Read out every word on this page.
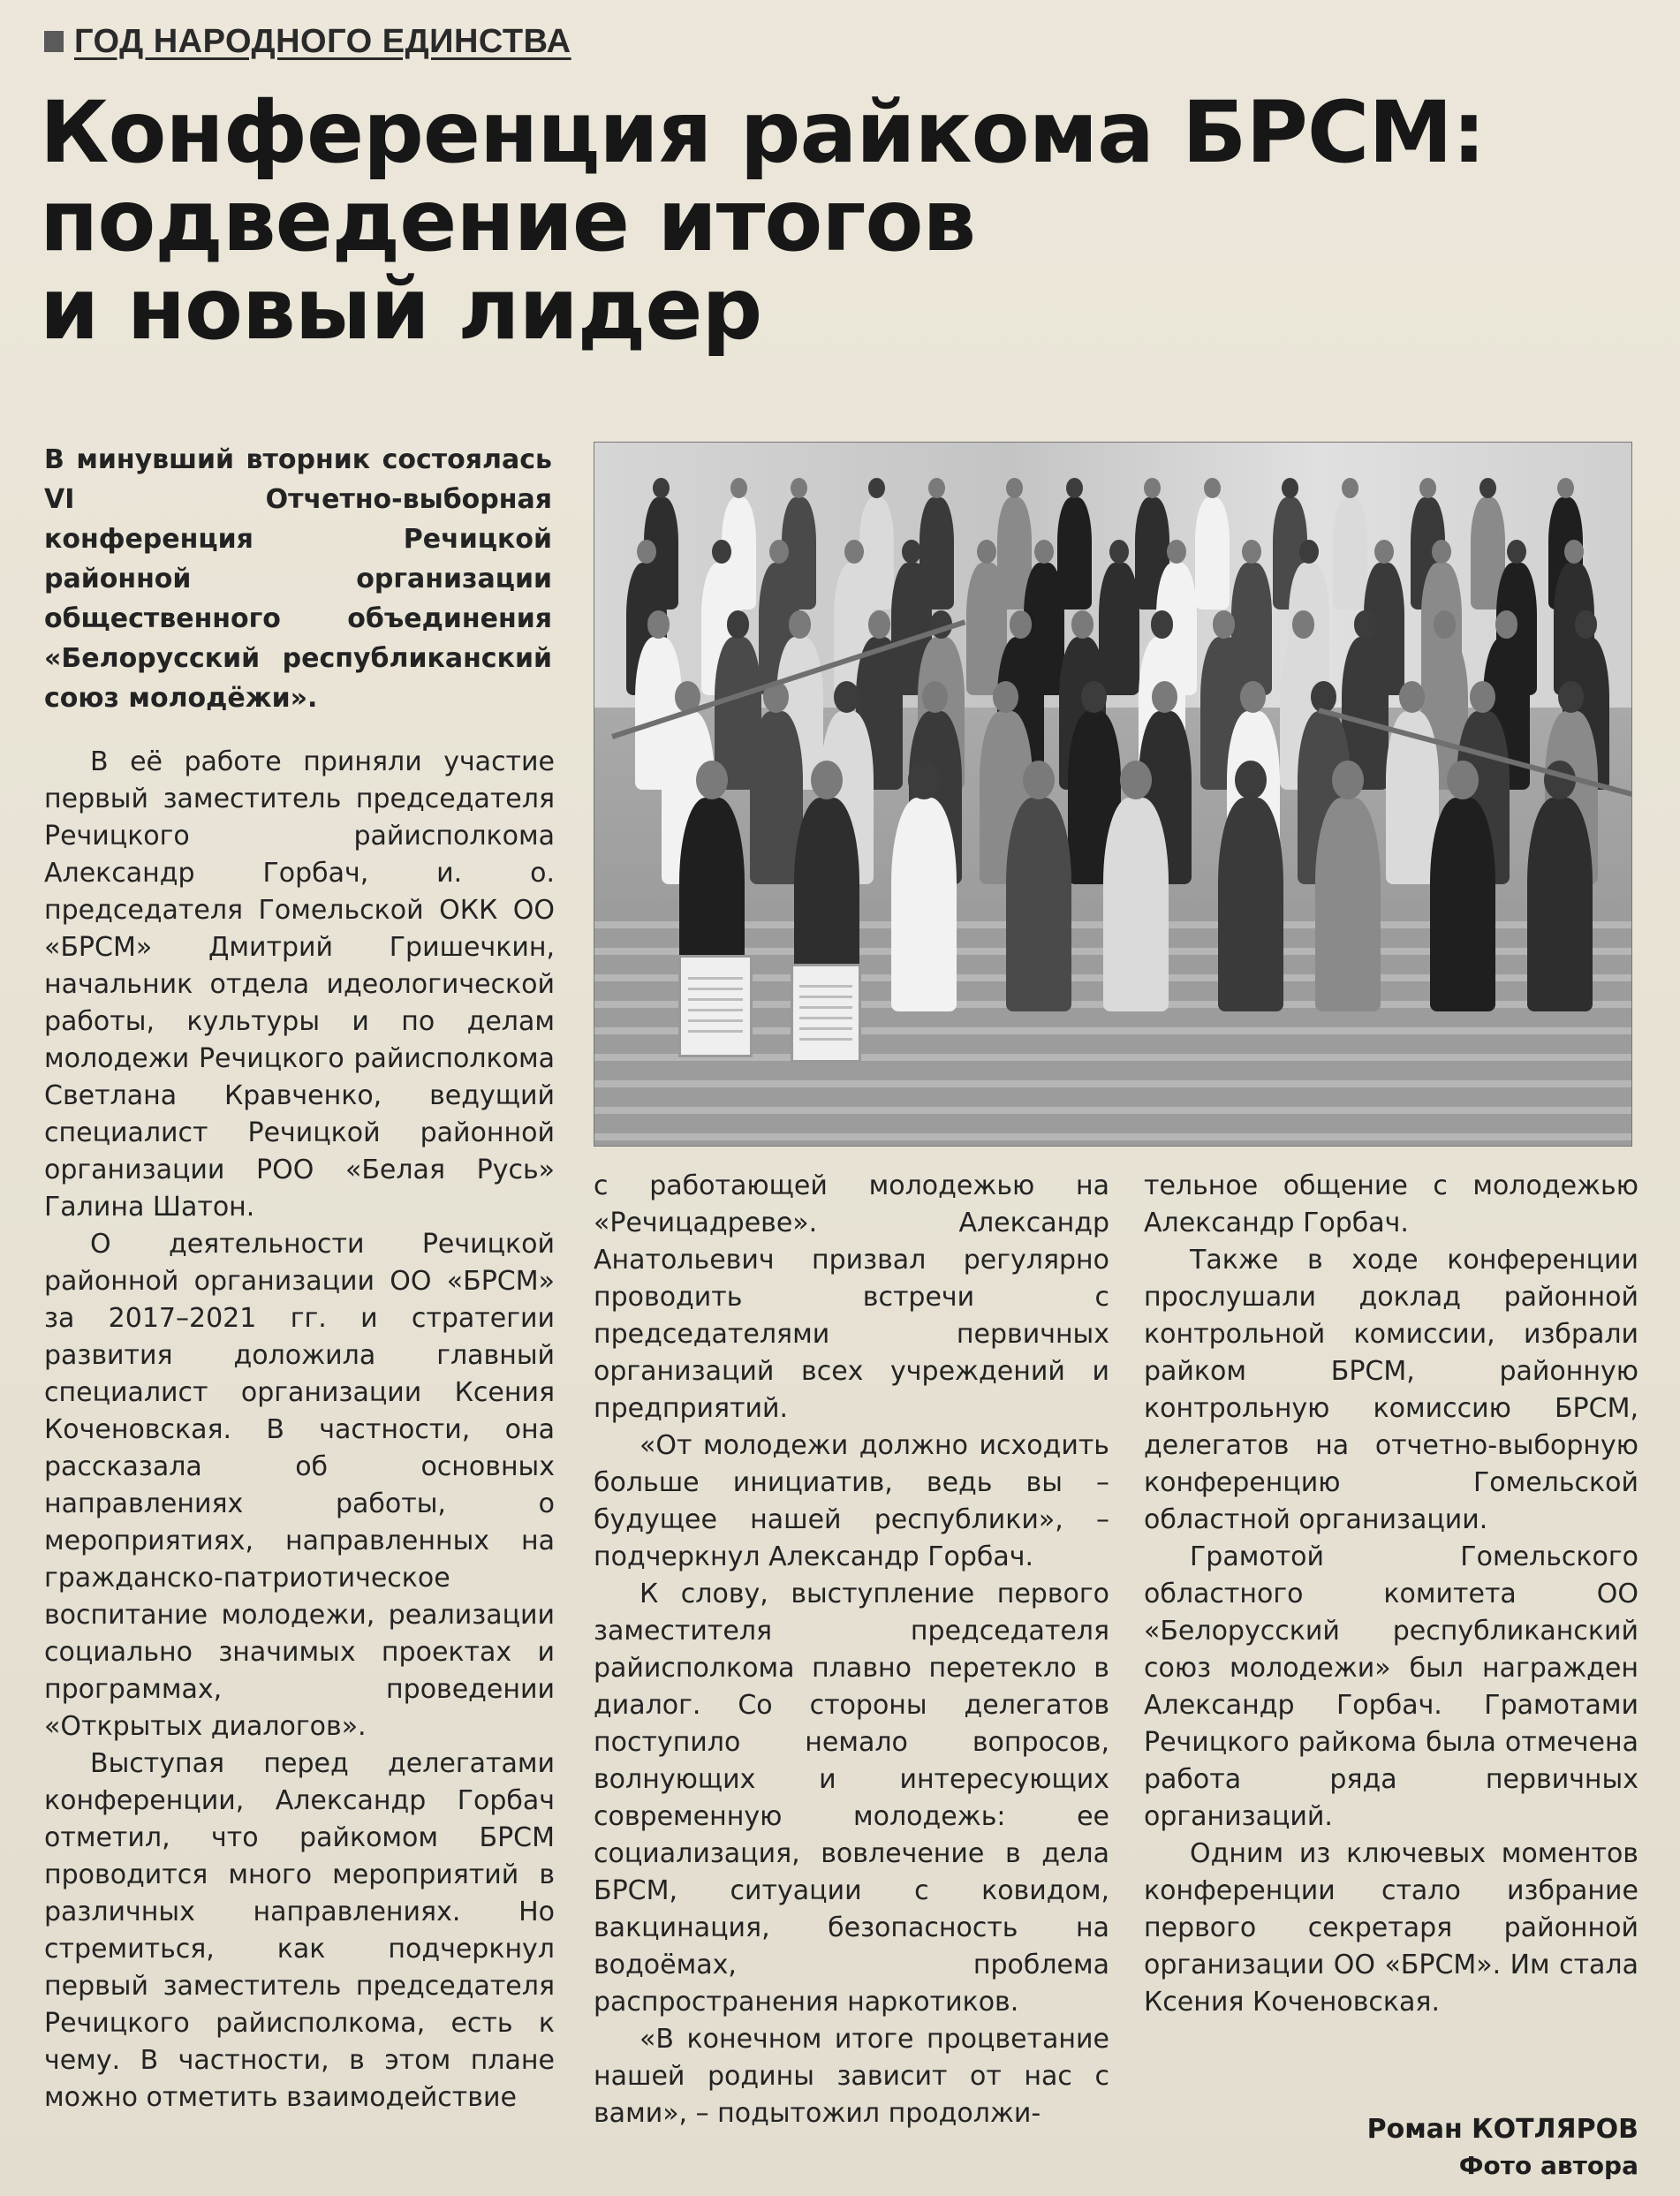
ГОД НАРОДНОГО ЕДИНСТВА
Конференция райкома БРСМ:
подведение итогов
и новый лидер
В минувший вторник состоялась VI Отчетно-выборная конференция Речицкой районной организации общественного объединения «Белорусский республиканский союз молодёжи».

В её работе приняли участие первый заместитель председателя Речицкого райисполкома Александр Горбач, и. о. председателя Гомельской ОКК ОО «БРСМ» Дмитрий Гришечкин, начальник отдела идеологической работы, культуры и по делам молодежи Речицкого райисполкома Светлана Кравченко, ведущий специалист Речицкой районной организации РОО «Белая Русь» Галина Шатон.

О деятельности Речицкой районной организации ОО «БРСМ» за 2017–2021 гг. и стратегии развития доложила главный специалист организации Ксения Коченовская. В частности, она рассказала об основных направлениях работы, о мероприятиях, направленных на гражданско-патриотическое воспитание молодежи, реализации социально значимых проектах и программах, проведении «Открытых диалогов».

Выступая перед делегатами конференции, Александр Горбач отметил, что райкомом БРСМ проводится много мероприятий в различных направлениях. Но стремиться, как подчеркнул первый заместитель председателя Речицкого райисполкома, есть к чему. В частности, в этом плане можно отметить взаимодействие

с работающей молодежью на «Речицадреве». Александр Анатольевич призвал регулярно проводить встречи с председателями первичных организаций всех учреждений и предприятий.

«От молодежи должно исходить больше инициатив, ведь вы – будущее нашей республики», – подчеркнул Александр Горбач.

К слову, выступление первого заместителя председателя райисполкома плавно перетекло в диалог. Со стороны делегатов поступило немало вопросов, волнующих и интересующих современную молодежь: ее социализация, вовлечение в дела БРСМ, ситуации с ковидом, вакцинация, безопасность на водоёмах, проблема распространения наркотиков.

«В конечном итоге процветание нашей родины зависит от нас с вами», – подытожил продолжи-

тельное общение с молодежью Александр Горбач.

Также в ходе конференции прослушали доклад районной контрольной комиссии, избрали райком БРСМ, районную контрольную комиссию БРСМ, делегатов на отчетно-выборную конференцию Гомельской областной организации.

Грамотой Гомельского областного комитета ОО «Белорусский республиканский союз молодежи» был награжден Александр Горбач. Грамотами Речицкого райкома была отмечена работа ряда первичных организаций.

Одним из ключевых моментов конференции стало избрание первого секретаря районной организации ОО «БРСМ». Им стала Ксения Коченовская.

Роман КОТЛЯРОВ
Фото автора
